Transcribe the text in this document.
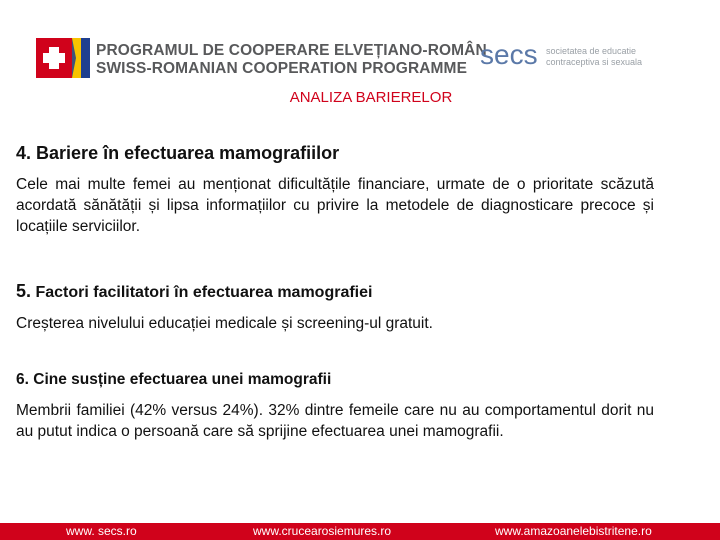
PROGRAMUL DE COOPERARE ELVEȚIANO-ROMÂN
SWISS-ROMANIAN COOPERATION PROGRAMME secs societatea de educatie
contraceptiva si sexuala
ANALIZA BARIERELOR
4. Bariere în efectuarea mamografiilor
Cele mai multe femei au menționat dificultățile financiare, urmate de o prioritate scăzută acordată sănătății și lipsa informațiilor cu privire la metodele de diagnosticare precoce și locațiile serviciilor.
5. Factori facilitatori în efectuarea mamografiei
Creșterea nivelului educației medicale și screening-ul gratuit.
6. Cine susține efectuarea unei mamografii
Membrii familiei (42% versus 24%). 32% dintre femeile care nu au comportamentul dorit nu au putut indica o persoană care să sprijine efectuarea unei mamografii.
www. secs.ro	www.crucearosiemures.ro	www.amazoanelebistritene.ro
